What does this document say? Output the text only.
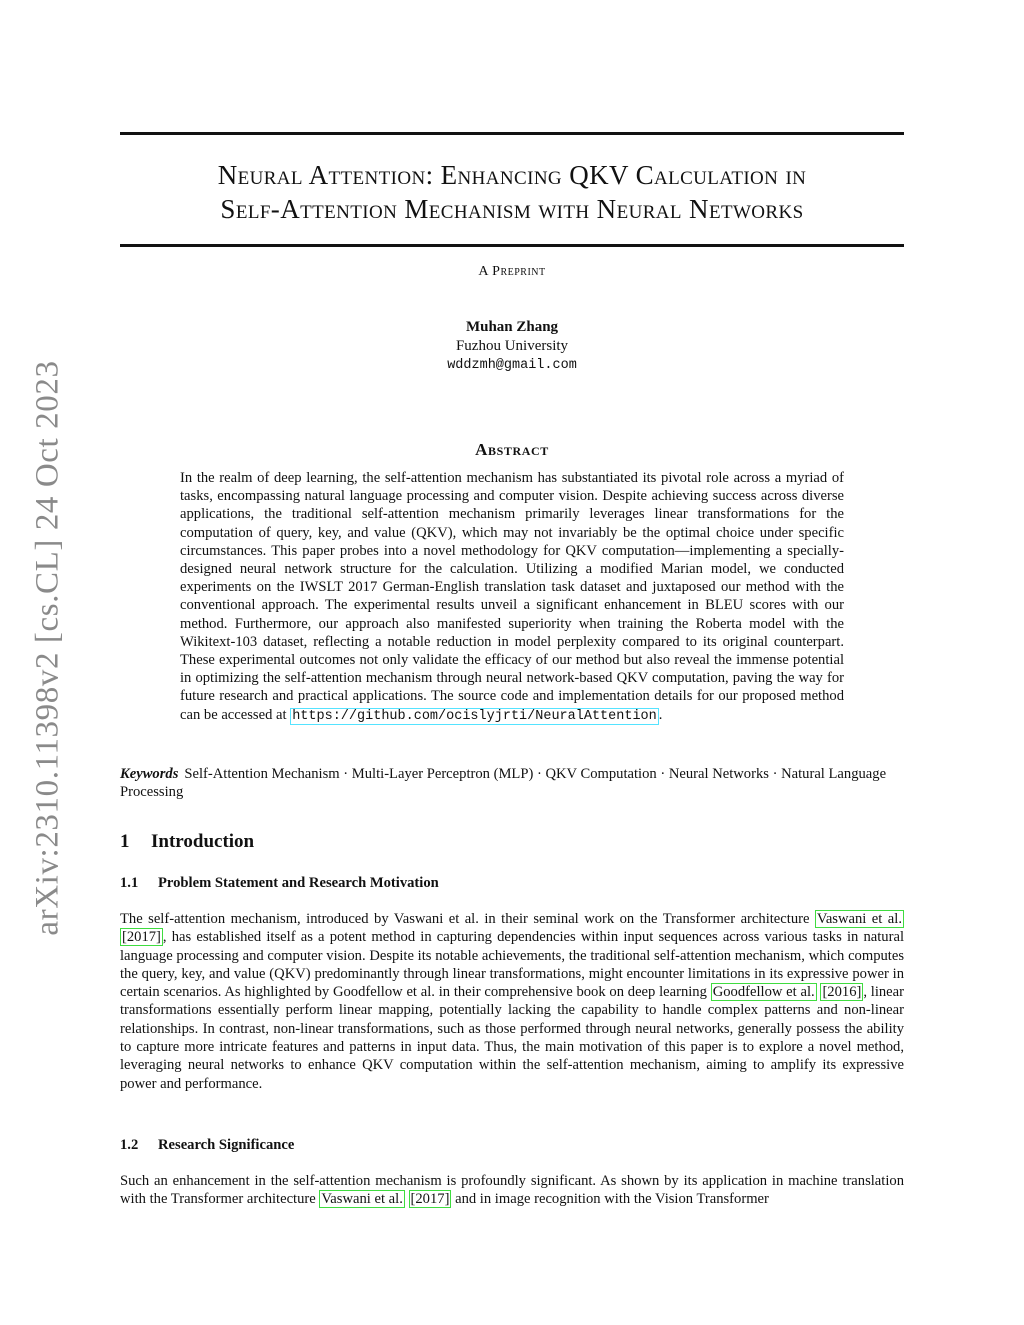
arXiv:2310.11398v2 [cs.CL] 24 Oct 2023
Neural Attention: Enhancing QKV Calculation in
Self-Attention Mechanism with Neural Networks
A Preprint
Muhan Zhang
Fuzhou University
wddzmh@gmail.com
Abstract
In the realm of deep learning, the self-attention mechanism has substantiated its pivotal role across a myriad of tasks, encompassing natural language processing and computer vision. Despite achieving success across diverse applications, the traditional self-attention mechanism primarily leverages linear transformations for the computation of query, key, and value (QKV), which may not invariably be the optimal choice under specific circumstances. This paper probes into a novel methodology for QKV computation—implementing a specially-designed neural network structure for the calculation. Utilizing a modified Marian model, we conducted experiments on the IWSLT 2017 German-English translation task dataset and juxtaposed our method with the conventional approach. The experimental results unveil a significant enhancement in BLEU scores with our method. Furthermore, our approach also manifested superiority when training the Roberta model with the Wikitext-103 dataset, reflecting a notable reduction in model perplexity compared to its original counterpart. These experimental outcomes not only validate the efficacy of our method but also reveal the immense potential in optimizing the self-attention mechanism through neural network-based QKV computation, paving the way for future research and practical applications. The source code and implementation details for our proposed method can be accessed at https://github.com/ocislyjrti/NeuralAttention .
Keywords Self-Attention Mechanism · Multi-Layer Perceptron (MLP) · QKV Computation · Neural Networks · Natural Language Processing
1 Introduction
1.1 Problem Statement and Research Motivation
The self-attention mechanism, introduced by Vaswani et al. in their seminal work on the Transformer architecture Vaswani et al. [2017] , has established itself as a potent method in capturing dependencies within input sequences across various tasks in natural language processing and computer vision. Despite its notable achievements, the traditional self-attention mechanism, which computes the query, key, and value (QKV) predominantly through linear transformations, might encounter limitations in its expressive power in certain scenarios. As highlighted by Goodfellow et al. in their comprehensive book on deep learning Goodfellow et al. [2016] , linear transformations essentially perform linear mapping, potentially lacking the capability to handle complex patterns and non-linear relationships. In contrast, non-linear transformations, such as those performed through neural networks, generally possess the ability to capture more intricate features and patterns in input data. Thus, the main motivation of this paper is to explore a novel method, leveraging neural networks to enhance QKV computation within the self-attention mechanism, aiming to amplify its expressive power and performance.
1.2 Research Significance
Such an enhancement in the self-attention mechanism is profoundly significant. As shown by its application in machine translation with the Transformer architecture Vaswani et al. [2017] and in image recognition with the Vision Transformer
